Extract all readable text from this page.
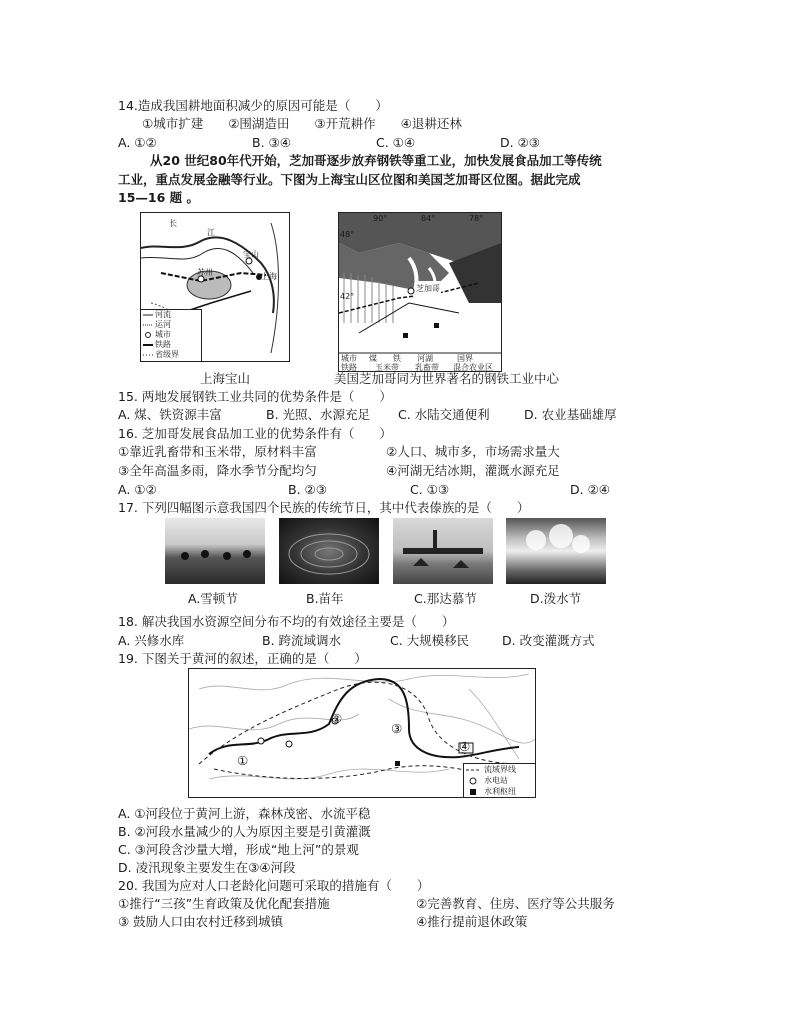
14.造成我国耕地面积减少的原因可能是（　　）
①城市扩建　　②围湖造田　　③开荒耕作　　④退耕还林
A. ①②	B. ③④	C. ①④	D. ②③
从20 世纪80年代开始，芝加哥逐步放弃钢铁等重工业，加快发展食品加工等传统
工业，重点发展金融等行业。下图为上海宝山区位图和美国芝加哥区位图。据此完成
15—16 题 。
长
江
宝山
苏州	上海
河流
运河
城市
铁路
省级界
上海宝山
90°	84°	78°
48°
42°
芝加哥
城市 煤 铁 河湖	国界
铁路 玉米带 乳畜带 混合农业区
美国芝加哥同为世界著名的钢铁工业中心
15. 两地发展钢铁工业共同的优势条件是（　　）
A. 煤、铁资源丰富	B. 光照、水源充足 C. 水陆交通便利	D. 农业基础雄厚
16. 芝加哥发展食品加工业的优势条件有（　　）
①靠近乳畜带和玉米带，原材料丰富	②人口、城市多，市场需求量大
③全年高温多雨，降水季节分配均匀	④河湖无结冰期，灌溉水源充足
A. ①②	B. ②③	C. ①③	D. ②④
17. 下列四幅图示意我国四个民族的传统节日，其中代表傣族的是（　　）
A.雪顿节	B.苗年	C.那达慕节	D.泼水节
18. 解决我国水资源空间分布不均的有效途径主要是（　　）
A. 兴修水库	B. 跨流域调水	C. 大规模移民	D. 改变灌溉方式
19. 下图关于黄河的叙述，正确的是（　　）
①
②
③
④
流域界线
水电站
水利枢纽
A. ①河段位于黄河上游，森林茂密、水流平稳
B. ②河段水量减少的人为原因主要是引黄灌溉
C. ③河段含沙量大增，形成“地上河”的景观
D. 凌汛现象主要发生在③④河段
20. 我国为应对人口老龄化问题可采取的措施有（　　）
①推行“三孩”生育政策及优化配套措施	②完善教育、住房、医疗等公共服务
③ 鼓励人口由农村迁移到城镇	④推行提前退休政策
